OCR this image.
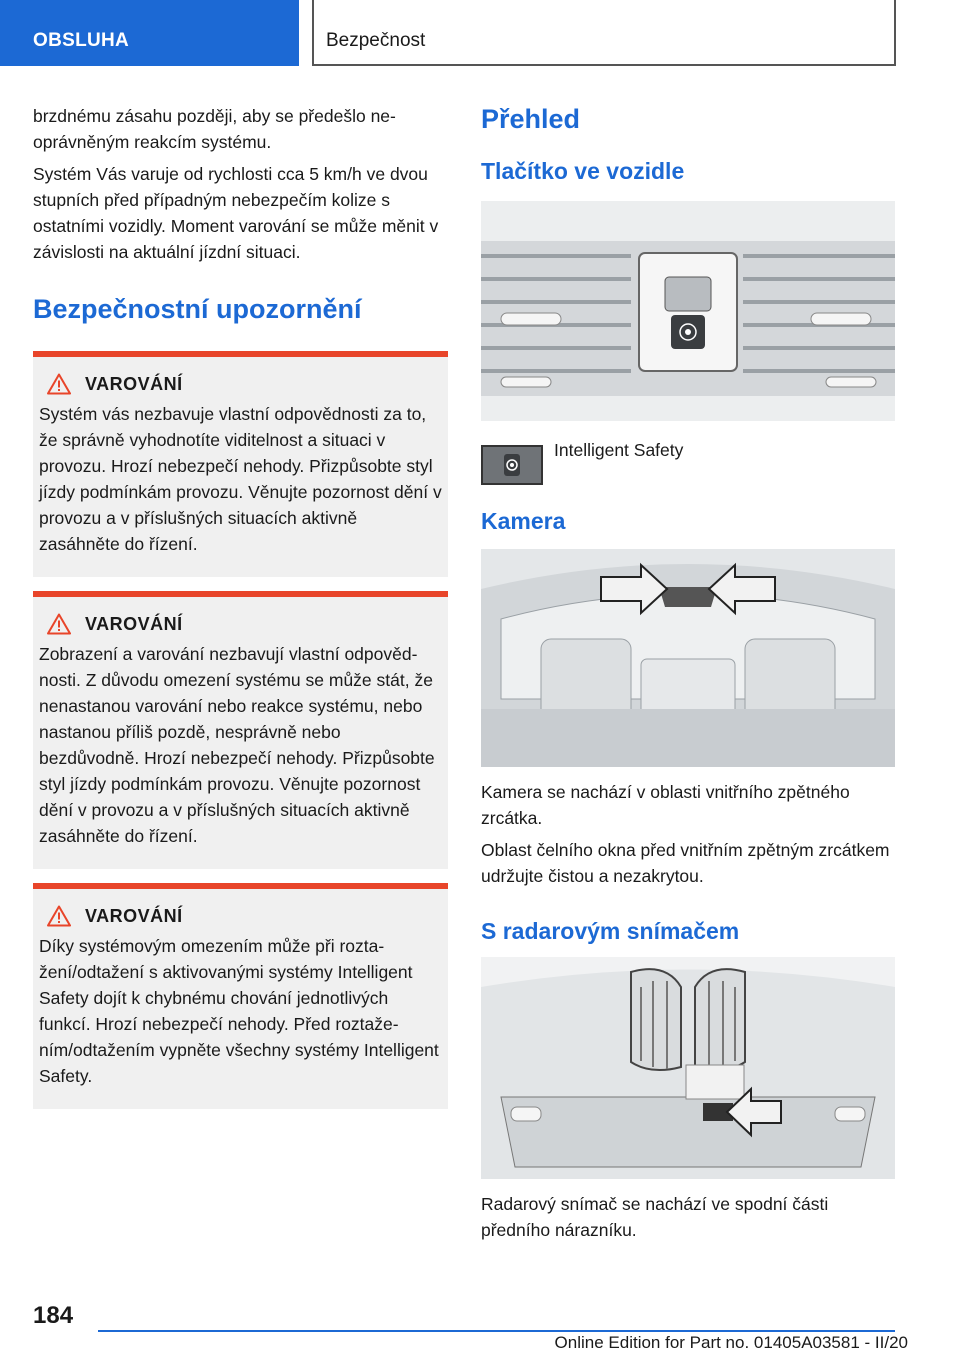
OBSLUHA	Bezpečnost

brzdnému zásahu později, aby se předešlo neoprávněným reakcím systému.

Systém Vás varuje od rychlosti cca 5 km/h ve dvou stupních před případným nebezpečím kolize s ostatními vozidly. Moment varování se může měnit v závislosti na aktuální jízdní situaci.

Bezpečnostní upozornění
VAROVÁNÍ

Systém vás nezbavuje vlastní odpovědnosti za to, že správně vyhodnotíte viditelnost a situaci v provozu. Hrozí nebezpečí nehody. Přizpůsobte styl jízdy podmínkám provozu. Věnujte pozornost dění v provozu a v příslušných situacích aktivně zasáhněte do řízení.

VAROVÁNÍ

Zobrazení a varování nezbavují vlastní odpovědnosti. Z důvodu omezení systému se může stát, že nenastanou varování nebo reakce systému, nebo nastanou příliš pozdě, nesprávně nebo bezdůvodně. Hrozí nebezpečí nehody. Přizpůsobte styl jízdy podmínkám provozu. Věnujte pozornost dění v provozu a v příslušných situacích aktivně zasáhněte do řízení.

VAROVÁNÍ

Díky systémovým omezením může při roztažení/odtažení s aktivovanými systémy Intelligent Safety dojít k chybnému chování jednotlivých funkcí. Hrozí nebezpečí nehody. Před roztažením/odtažením vypněte všechny systémy Intelligent Safety.

Přehled
Tlačítko ve vozidle
Intelligent Safety
Kamera

Kamera se nachází v oblasti vnitřního zpětného zrcátka.

Oblast čelního okna před vnitřním zpětným zrcátkem udržujte čistou a nezakrytou.

S radarovým snímačem

Radarový snímač se nachází ve spodní části předního nárazníku.

184
Online Edition for Part no. 01405A03581 - II/20
